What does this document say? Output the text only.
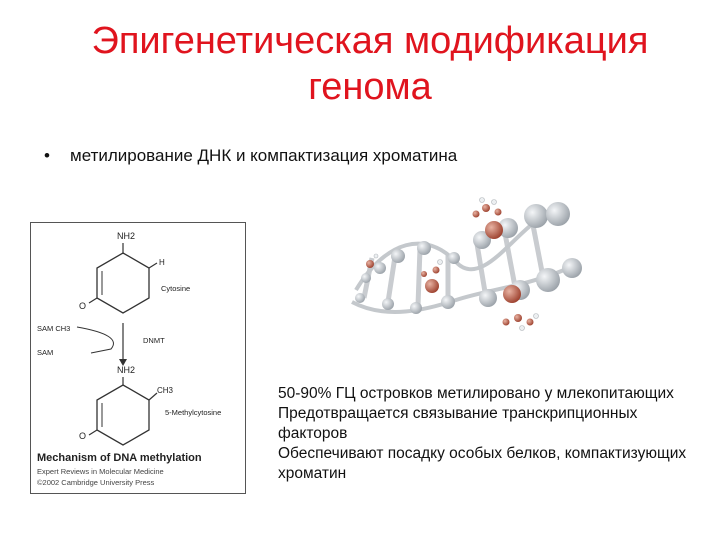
Эпигенетическая модификация
генома
• метилирование ДНК и компактизация хроматина
NH2
H
Cytosine
O
SAM CH3
SAM
DNMT
NH2
CH3
5-Methylcytosine
O
Mechanism of DNA methylation
Expert Reviews in Molecular Medicine
©2002 Cambridge University Press
50-90% ГЦ островков метилировано у млекопитающих
Предотвращается связывание транскрипционных факторов
Обеспечивают посадку особых белков, компактизующих хроматин
